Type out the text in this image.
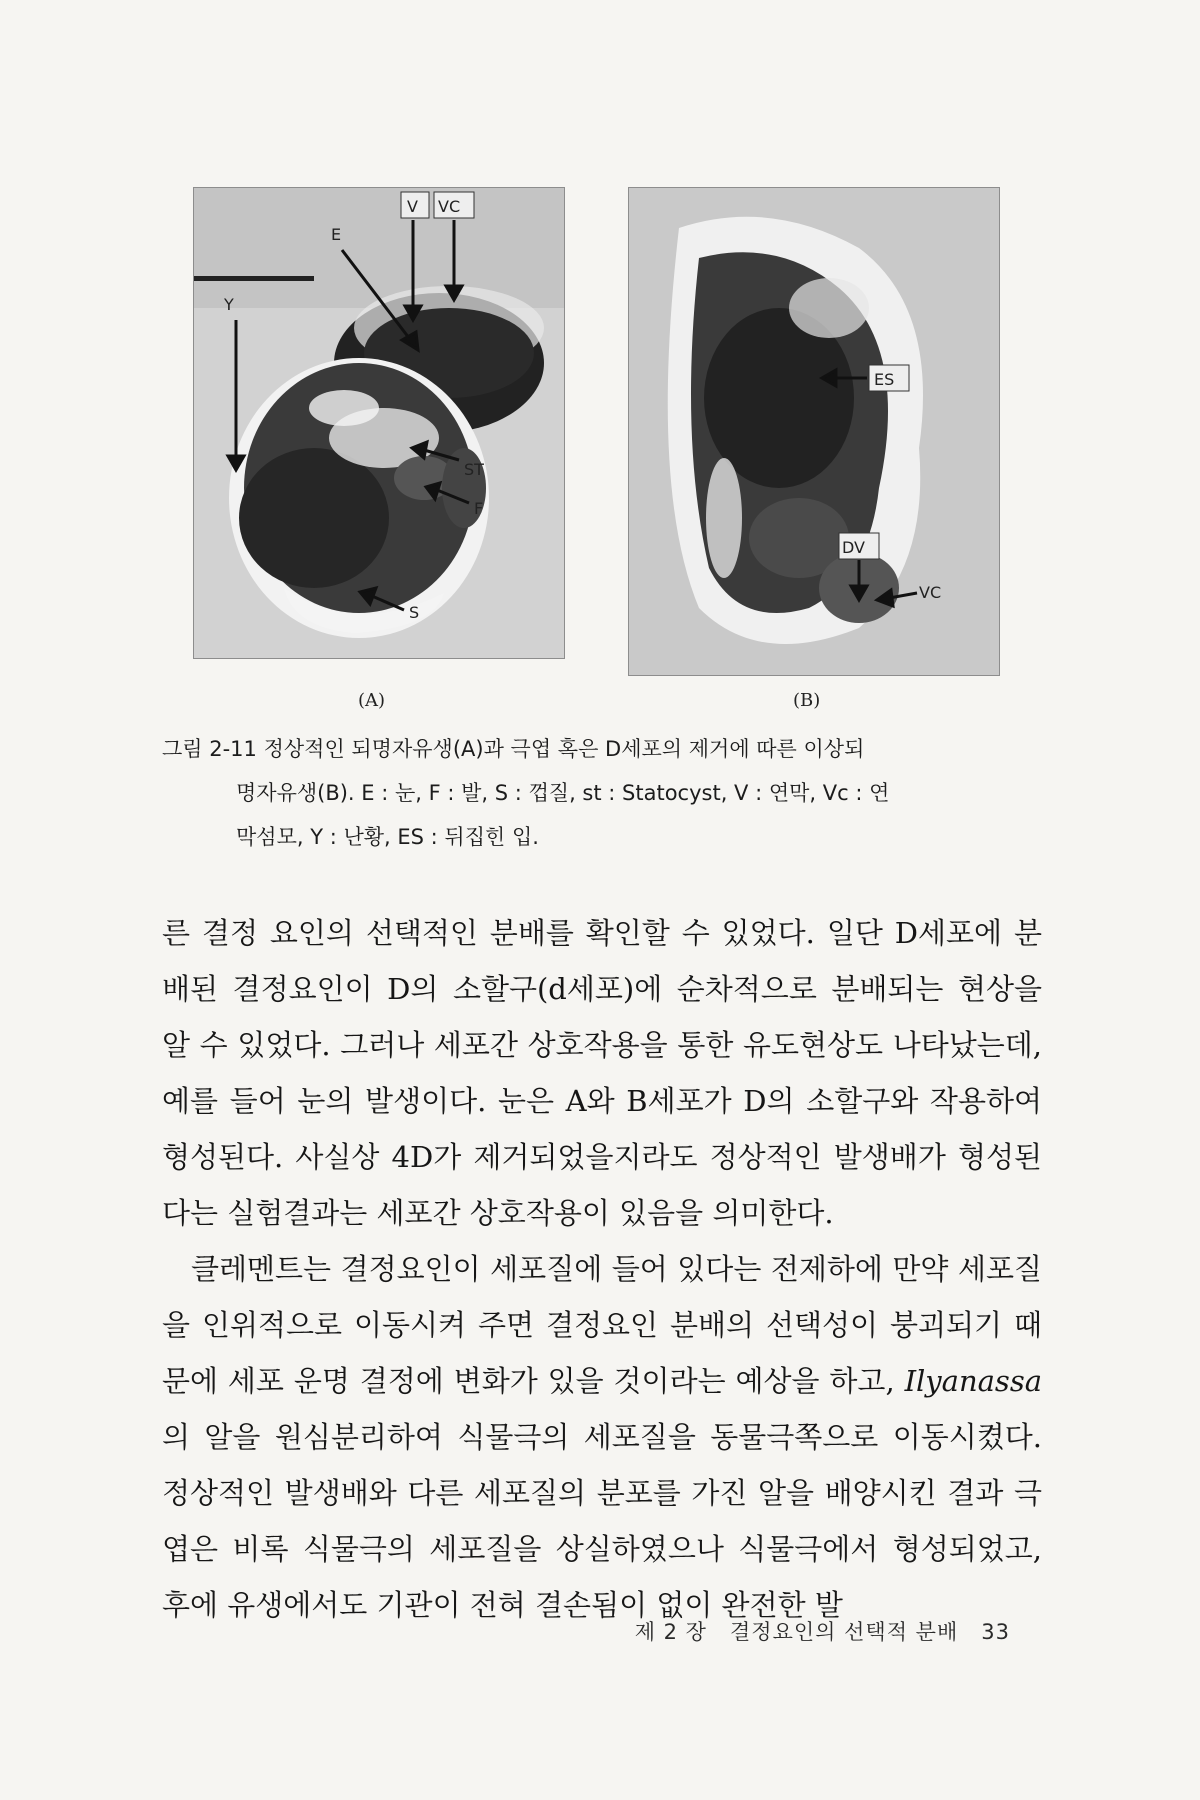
V VC
E
Y
ST
F
S
(A)
ES
DV
VC
(B)
그림 2-11 정상적인 되명자유생(A)과 극엽 혹은 D세포의 제거에 따른 이상되
명자유생(B). E : 눈, F : 발, S : 껍질, st : Statocyst, V : 연막, Vc : 연
막섬모, Y : 난황, ES : 뒤집힌 입.

른 결정 요인의 선택적인 분배를 확인할 수 있었다. 일단 D세포에 분배된 결정요인이 D의 소할구(d세포)에 순차적으로 분배되는 현상을 알 수 있었다. 그러나 세포간 상호작용을 통한 유도현상도 나타났는데, 예를 들어 눈의 발생이다. 눈은 A와 B세포가 D의 소할구와 작용하여 형성된다. 사실상 4D가 제거되었을지라도 정상적인 발생배가 형성된다는 실험결과는 세포간 상호작용이 있음을 의미한다.

클레멘트는 결정요인이 세포질에 들어 있다는 전제하에 만약 세포질을 인위적으로 이동시켜 주면 결정요인 분배의 선택성이 붕괴되기 때문에 세포 운명 결정에 변화가 있을 것이라는 예상을 하고, Ilyanassa의 알을 원심분리하여 식물극의 세포질을 동물극쪽으로 이동시켰다. 정상적인 발생배와 다른 세포질의 분포를 가진 알을 배양시킨 결과 극엽은 비록 식물극의 세포질을 상실하였으나 식물극에서 형성되었고, 후에 유생에서도 기관이 전혀 결손됨이 없이 완전한 발

제 2 장 결정요인의 선택적 분배 33
